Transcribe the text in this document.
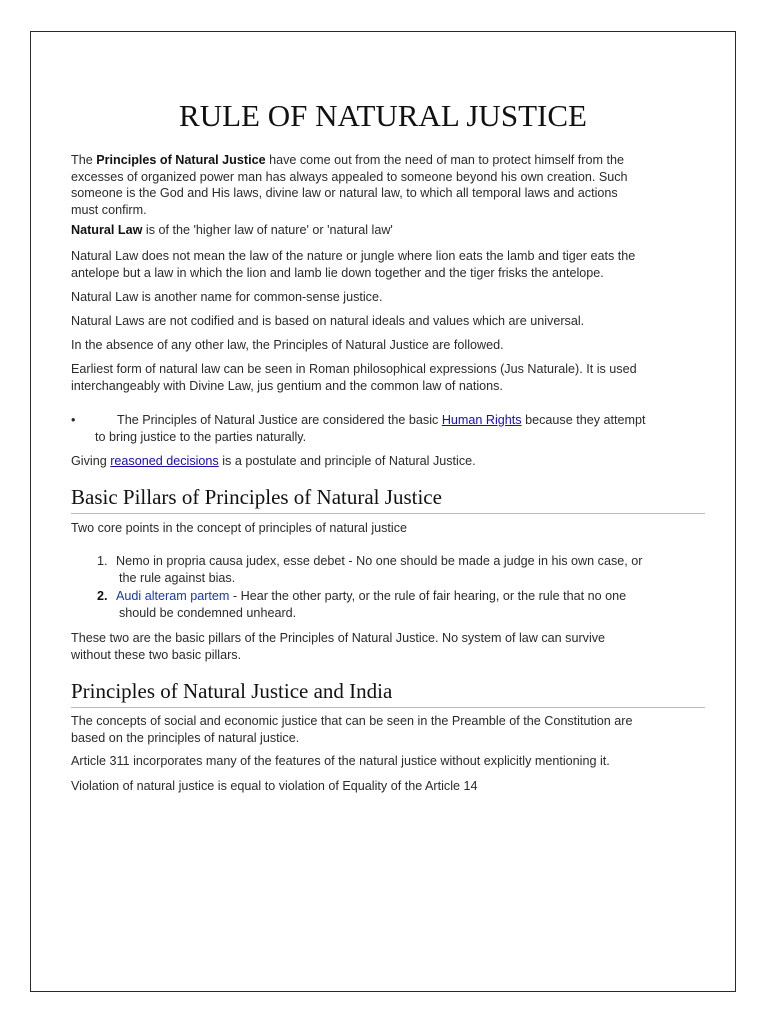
RULE OF NATURAL JUSTICE

The Principles of Natural Justice have come out from the need of man to protect himself from the
excesses of organized power man has always appealed to someone beyond his own creation. Such
someone is the God and His laws, divine law or natural law, to which all temporal laws and actions
must confirm.

Natural Law is of the 'higher law of nature' or 'natural law'

Natural Law does not mean the law of the nature or jungle where lion eats the lamb and tiger eats the
antelope but a law in which the lion and lamb lie down together and the tiger frisks the antelope.

Natural Law is another name for common-sense justice.

Natural Laws are not codified and is based on natural ideals and values which are universal.

In the absence of any other law, the Principles of Natural Justice are followed.

Earliest form of natural law can be seen in Roman philosophical expressions (Jus Naturale). It is used
interchangeably with Divine Law, jus gentium and the common law of nations.

•	The Principles of Natural Justice are considered the basic Human Rights because they attempt

to bring justice to the parties naturally.

Giving reasoned decisions is a postulate and principle of Natural Justice.

Basic Pillars of Principles of Natural Justice

Two core points in the concept of principles of natural justice

1. Nemo in propria causa judex, esse debet - No one should be made a judge in his own case, or

the rule against bias.

2. Audi alteram partem - Hear the other party, or the rule of fair hearing, or the rule that no one

should be condemned unheard.

These two are the basic pillars of the Principles of Natural Justice. No system of law can survive
without these two basic pillars.

Principles of Natural Justice and India

The concepts of social and economic justice that can be seen in the Preamble of the Constitution are
based on the principles of natural justice.

Article 311 incorporates many of the features of the natural justice without explicitly mentioning it.

Violation of natural justice is equal to violation of Equality of the Article 14
